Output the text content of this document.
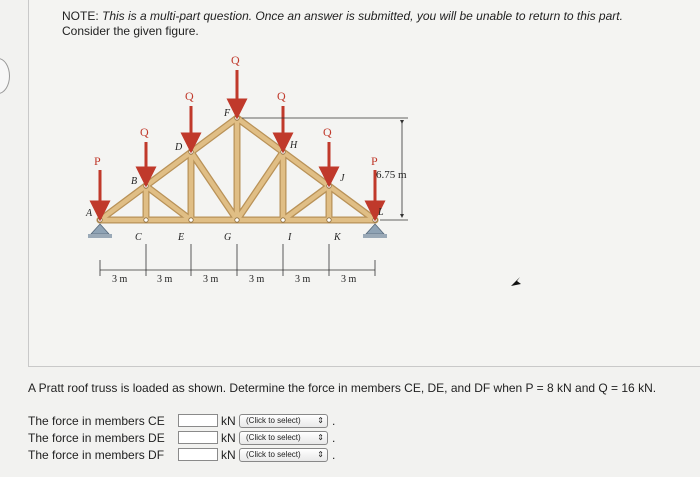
NOTE: This is a multi-part question. Once an answer is submitted, you will be unable to return to this part.
Consider the given figure.
P
Q
Q
Q
Q
Q
P
A
B
D
F
H
J
L
C	E	G	I	K
3 m	3 m	3 m	3 m	3 m	3 m
6.75 m
A Pratt roof truss is loaded as shown. Determine the force in members CE, DE, and DF when P = 8 kN and Q = 16 kN.
The force in members CE	kN	(Click to select) ⇕ .
The force in members DE	kN	(Click to select) ⇕ .
The force in members DF	kN	(Click to select) ⇕ .
